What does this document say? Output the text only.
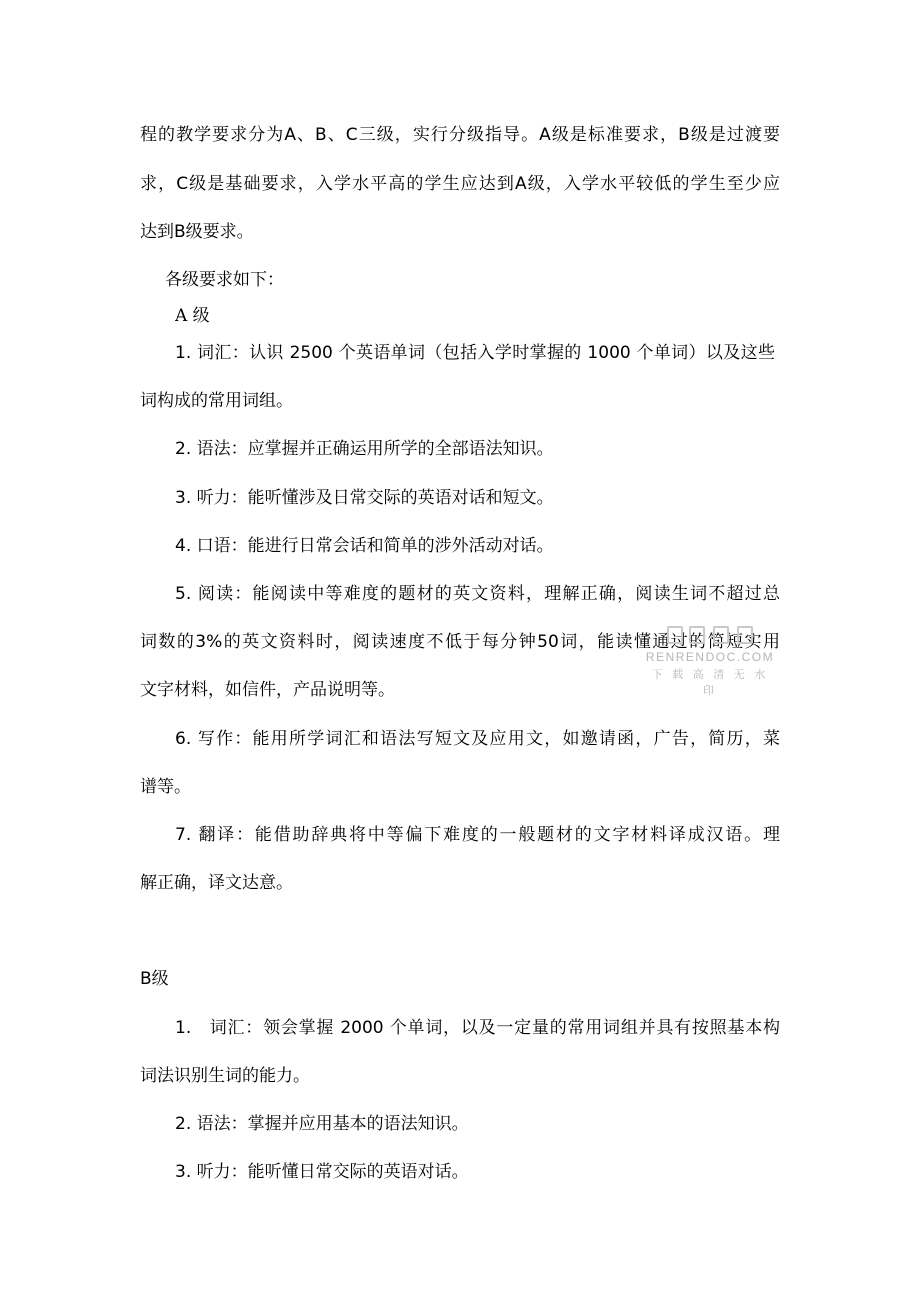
程的教学要求分为A、B、C三级，实行分级指导。A级是标准要求，B级是过渡要
求，C级是基础要求，入学水平高的学生应达到A级，入学水平较低的学生至少应
达到B级要求。
各级要求如下：
A 级
1. 词汇：认识 2500 个英语单词（包括入学时掌握的 1000 个单词）以及这些
词构成的常用词组。
2. 语法：应掌握并正确运用所学的全部语法知识。
3. 听力：能听懂涉及日常交际的英语对话和短文。
4. 口语：能进行日常会话和简单的涉外活动对话。
5. 阅读：能阅读中等难度的题材的英文资料，理解正确，阅读生词不超过总
词数的3%的英文资料时，阅读速度不低于每分钟50词，能读懂通过的简短实用
文字材料，如信件，产品说明等。
6. 写作：能用所学词汇和语法写短文及应用文，如邀请函，广告，简历，菜
谱等。
7. 翻译：能借助辞典将中等偏下难度的一般题材的文字材料译成汉语。理
解正确，译文达意。
B级
1.　词汇：领会掌握 2000 个单词，以及一定量的常用词组并具有按照基本构
词法识别生词的能力。
2. 语法：掌握并应用基本的语法知识。
3. 听力：能听懂日常交际的英语对话。
RENRENDOC.COM
下 载 高 清 无 水 印
